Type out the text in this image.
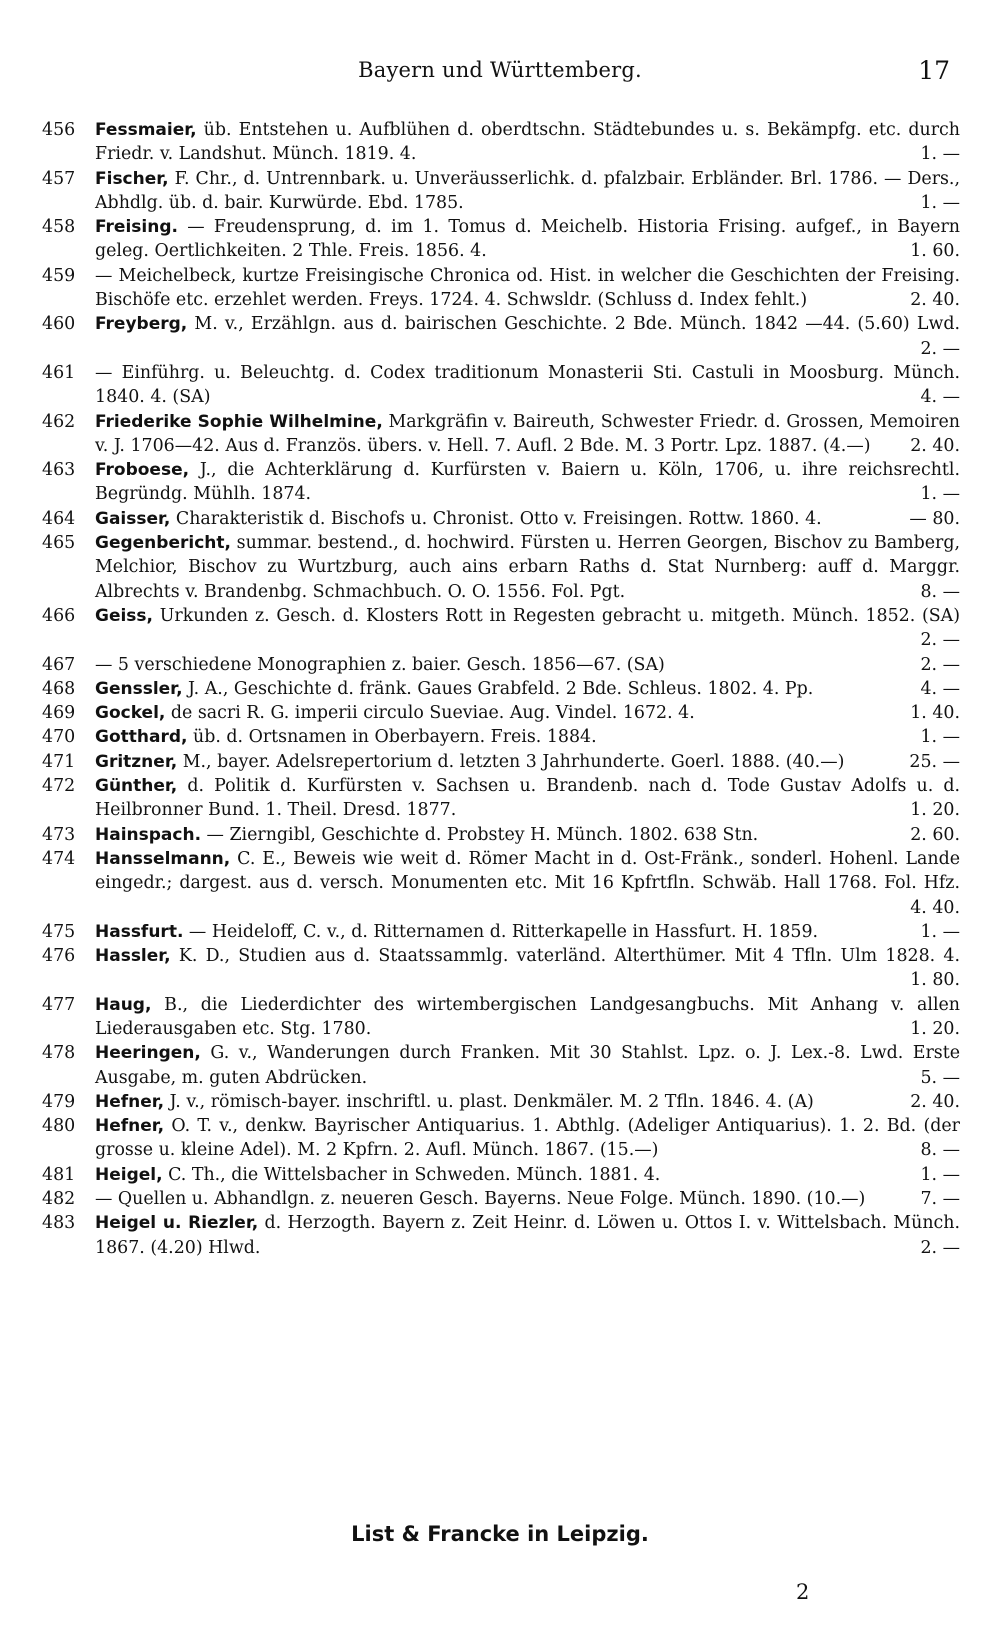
Bayern und Württemberg.	17
456	Fessmaier, üb. Entstehen u. Aufblühen d. oberdtschn. Städtebundes u. s. Bekämpfg. etc. durch Friedr. v. Landshut. Münch. 1819. 4.	1. —
457	Fischer, F. Chr., d. Untrennbark. u. Unveräusserlichk. d. pfalzbair. Erbländer. Brl. 1786. — Ders., Abhdlg. üb. d. bair. Kurwürde. Ebd. 1785.	1. —
458	Freising. — Freudensprung, d. im 1. Tomus d. Meichelb. Historia Frising. aufgef., in Bayern geleg. Oertlichkeiten. 2 Thle. Freis. 1856. 4.	1. 60.
459	— Meichelbeck, kurtze Freisingische Chronica od. Hist. in welcher die Geschichten der Freising. Bischöfe etc. erzehlet werden. Freys. 1724. 4. Schwsldr. (Schluss d. Index fehlt.)	2. 40.
460	Freyberg, M. v., Erzählgn. aus d. bairischen Geschichte. 2 Bde. Münch. 1842 —44. (5.60) Lwd.
2. —
461	— Einführg. u. Beleuchtg. d. Codex traditionum Monasterii Sti. Castuli in Moosburg. Münch. 1840. 4. (SA)	4. —
462	Friederike Sophie Wilhelmine, Markgräfin v. Baireuth, Schwester Friedr. d. Grossen, Memoiren v. J. 1706—42. Aus d. Französ. übers. v. Hell. 7. Aufl. 2 Bde. M. 3 Portr. Lpz. 1887. (4.—)	2. 40.
463	Froboese, J., die Achterklärung d. Kurfürsten v. Baiern u. Köln, 1706, u. ihre reichsrechtl. Begründg. Mühlh. 1874.	1. —
464	Gaisser, Charakteristik d. Bischofs u. Chronist. Otto v. Freisingen. Rottw. 1860. 4.	— 80.
465	Gegenbericht, summar. bestend., d. hochwird. Fürsten u. Herren Georgen, Bischov zu Bamberg, Melchior, Bischov zu Wurtzburg, auch ains erbarn Raths d. Stat Nurnberg: auff d. Marggr. Albrechts v. Brandenbg. Schmachbuch. O. O. 1556. Fol. Pgt.	8. —
466	Geiss, Urkunden z. Gesch. d. Klosters Rott in Regesten gebracht u. mitgeth. Münch. 1852. (SA)
2. —
467	— 5 verschiedene Monographien z. baier. Gesch. 1856—67. (SA)	2. —
468	Genssler, J. A., Geschichte d. fränk. Gaues Grabfeld. 2 Bde. Schleus. 1802. 4. Pp.	4. —
469	Gockel, de sacri R. G. imperii circulo Sueviae. Aug. Vindel. 1672. 4.	1. 40.
470	Gotthard, üb. d. Ortsnamen in Oberbayern. Freis. 1884.	1. —
471	Gritzner, M., bayer. Adelsrepertorium d. letzten 3 Jahrhunderte. Goerl. 1888. (40.—)	25. —
472	Günther, d. Politik d. Kurfürsten v. Sachsen u. Brandenb. nach d. Tode Gustav Adolfs u. d. Heilbronner Bund. 1. Theil. Dresd. 1877.	1. 20.
473	Hainspach. — Zierngibl, Geschichte d. Probstey H. Münch. 1802. 638 Stn.	2. 60.
474	Hansselmann, C. E., Beweis wie weit d. Römer Macht in d. Ost-Fränk., sonderl. Hohenl. Lande eingedr.; dargest. aus d. versch. Monumenten etc. Mit 16 Kpfrtfln. Schwäb. Hall 1768. Fol. Hfz.
4. 40.
475	Hassfurt. — Heideloff, C. v., d. Ritternamen d. Ritterkapelle in Hassfurt. H. 1859.	1. —
476	Hassler, K. D., Studien aus d. Staatssammlg. vaterländ. Alterthümer. Mit 4 Tfln. Ulm 1828. 4.
1. 80.
477	Haug, B., die Liederdichter des wirtembergischen Landgesangbuchs. Mit Anhang v. allen Liederausgaben etc. Stg. 1780.	1. 20.
478	Heeringen, G. v., Wanderungen durch Franken. Mit 30 Stahlst. Lpz. o. J. Lex.-8. Lwd. Erste Ausgabe, m. guten Abdrücken.	5. —
479	Hefner, J. v., römisch-bayer. inschriftl. u. plast. Denkmäler. M. 2 Tfln. 1846. 4. (A)	2. 40.
480	Hefner, O. T. v., denkw. Bayrischer Antiquarius. 1. Abthlg. (Adeliger Antiquarius). 1. 2. Bd. (der grosse u. kleine Adel). M. 2 Kpfrn. 2. Aufl. Münch. 1867. (15.—)	8. —
481	Heigel, C. Th., die Wittelsbacher in Schweden. Münch. 1881. 4.	1. —
482	— Quellen u. Abhandlgn. z. neueren Gesch. Bayerns. Neue Folge. Münch. 1890. (10.—)	7. —
483	Heigel u. Riezler, d. Herzogth. Bayern z. Zeit Heinr. d. Löwen u. Ottos I. v. Wittelsbach. Münch. 1867. (4.20) Hlwd.	2. —
List & Francke in Leipzig.
2
